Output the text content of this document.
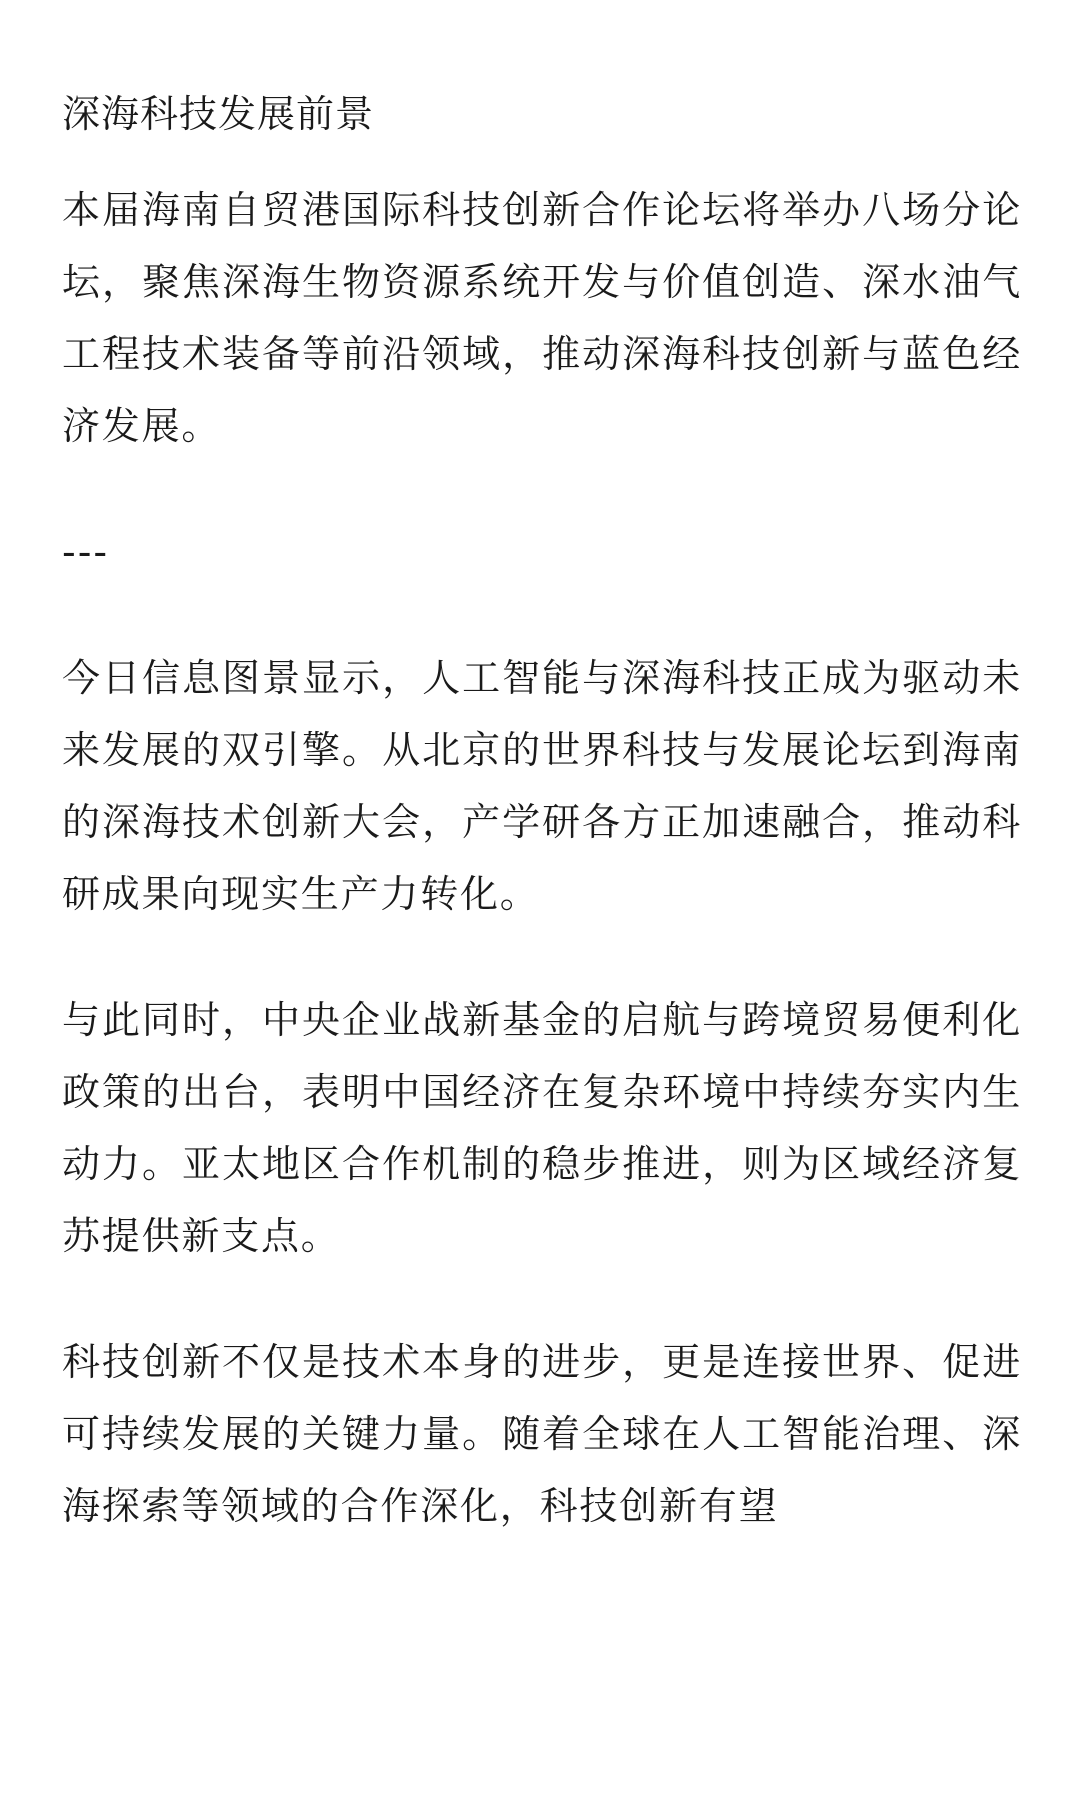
深海科技发展前景

本届海南自贸港国际科技创新合作论坛将举办八场分论坛，聚焦深海生物资源系统开发与价值创造、深水油气工程技术装备等前沿领域，推动深海科技创新与蓝色经济发展。

---

今日信息图景显示，人工智能与深海科技正成为驱动未来发展的双引擎。从北京的世界科技与发展论坛到海南的深海技术创新大会，产学研各方正加速融合，推动科研成果向现实生产力转化。

与此同时，中央企业战新基金的启航与跨境贸易便利化政策的出台，表明中国经济在复杂环境中持续夯实内生动力。亚太地区合作机制的稳步推进，则为区域经济复苏提供新支点。

科技创新不仅是技术本身的进步，更是连接世界、促进可持续发展的关键力量。随着全球在人工智能治理、深海探索等领域的合作深化，科技创新有望
